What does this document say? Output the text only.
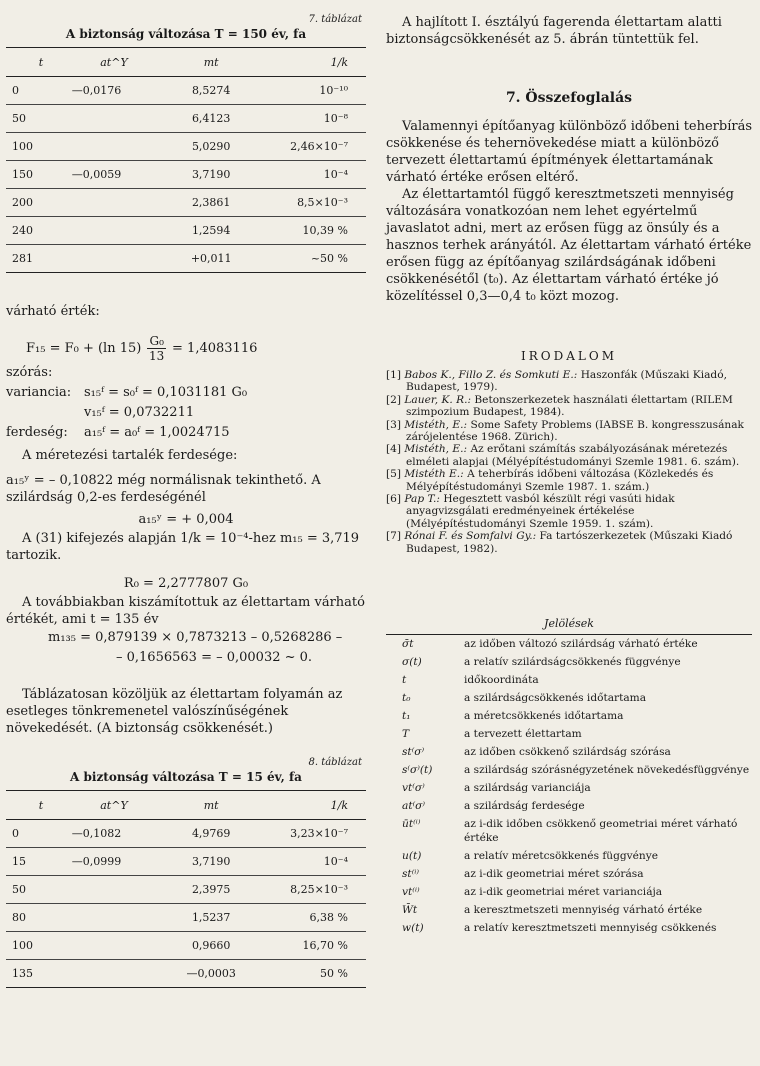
7. táblázat
A biztonság változása T = 150 év, fa
t	at^Y	mt	1/k
0	—0,0176	8,5274	10⁻¹⁰
50		6,4123	10⁻⁸
100		5,0290	2,46×10⁻⁷
150	—0,0059	3,7190	10⁻⁴
200		2,3861	8,5×10⁻³
240		1,2594	10,39 %
281		+0,011	~50 %

várható érték:

F₁₅ = F₀ + (ln $15) \frac{\text{G₀}}{13} = 1,4083116$
szórás:
variancia: s₁₅ᶠ = s₀ᶠ = 0,1031181 G₀
v₁₅ᶠ = 0,0732211
ferdeség: a₁₅ᶠ = a₀ᶠ = 1,0024715

A méretezési tartalék ferdesége:

a₁₅ʸ = – 0,10822 még normálisnak tekinthető. A szilárdság 0,2-es ferdeségénél

a₁₅ʸ = + 0,004

A (31) kifejezés alapján 1/k = 10⁻⁴-hez m₁₅ = 3,719 tartozik.

R₀ = 2,2777807 G₀

A továbbiakban kiszámítottuk az élettartam várható értékét, ami t = 135 év

m₁₃₅ = 0,879139 × 0,7873213 – 0,5268286 –
– 0,1656563 = – 0,00032 ~ 0.

Táblázatosan közöljük az élettartam folyamán az esetleges tönkremenetel valószínűségének növekedését. (A biztonság csökkenését.)

8. táblázat
A biztonság változása T = 15 év, fa
t	at^Y	mt	1/k
0	—0,1082	4,9769	3,23×10⁻⁷
15	—0,0999	3,7190	10⁻⁴
50		2,3975	8,25×10⁻³
80		1,5237	6,38 %
100		0,9660	16,70 %
135		—0,0003	50 %

A hajlított I. észtályú fagerenda élettartam alatti biztonságcsökkenését az 5. ábrán tüntettük fel.

7. Összefoglalás

Valamennyi építőanyag különböző időbeni teherbírás csökkenése és tehernövekedése miatt a különböző tervezett élettartamú építmények élettartamának várható értéke erősen eltérő.

Az élettartamtól függő keresztmetszeti mennyiség változására vonatkozóan nem lehet egyértelmű javaslatot adni, mert az erősen függ az önsúly és a hasznos terhek arányától. Az élettartam várható értéke erősen függ az építőanyag szilárdságának időbeni csökkenésétől (t₀). Az élettartam várható értéke jó közelítéssel 0,3—0,4 t₀ közt mozog.

IRODALOM
[1] Babos K., Fillo Z. és Somkuti E.: Haszonfák (Műszaki Kiadó, Budapest, 1979).
[2] Lauer, K. R.: Betonszerkezetek használati élettartam (RILEM szimpozium Budapest, 1984).
[3] Mistéth, E.: Some Safety Problems (IABSE B. kongresszusának zárójelentése 1968. Zürich).
[4] Mistéth, E.: Az erőtani számítás szabályozásának méretezés elméleti alapjai (Mélyépítéstudományi Szemle 1981. 6. szám).
[5] Mistéth E.: A teherbírás időbeni változása (Közlekedés és Mélyépítéstudományi Szemle 1987. 1. szám.)
[6] Pap T.: Hegesztett vasból készült régi vasúti hidak anyagvizsgálati eredményeinek értékelése (Mélyépítéstudományi Szemle 1959. 1. szám).
[7] Rónai F. és Somfalvi Gy.: Fa tartószerkezetek (Műszaki Kiadó Budapest, 1982).
Jelölések
σ̄t	az időben változó szilárdság várható értéke
σ(t)	a relatív szilárdságcsökkenés függvénye
t	időkoordináta
t₀	a szilárdságcsökkenés időtartama
t₁	a méretcsökkenés időtartama
T	a tervezett élettartam
st⁽σ⁾	az időben csökkenő szilárdság szórása
s⁽σ⁾(t)	a szilárdság szórásnégyzetének növekedésfüggvénye
vt⁽σ⁾	a szilárdság varianciája
at⁽σ⁾	a szilárdság ferdesége
ūt⁽ⁱ⁾	az i-dik időben csökkenő geometriai méret várható értéke
u(t)	a relatív méretcsökkenés függvénye
st⁽ⁱ⁾	az i-dik geometriai méret szórása
vt⁽ⁱ⁾	az i-dik geometriai méret varianciája
W̄t	a keresztmetszeti mennyiség várható értéke
w(t)	a relatív keresztmetszeti mennyiség csökkenés
